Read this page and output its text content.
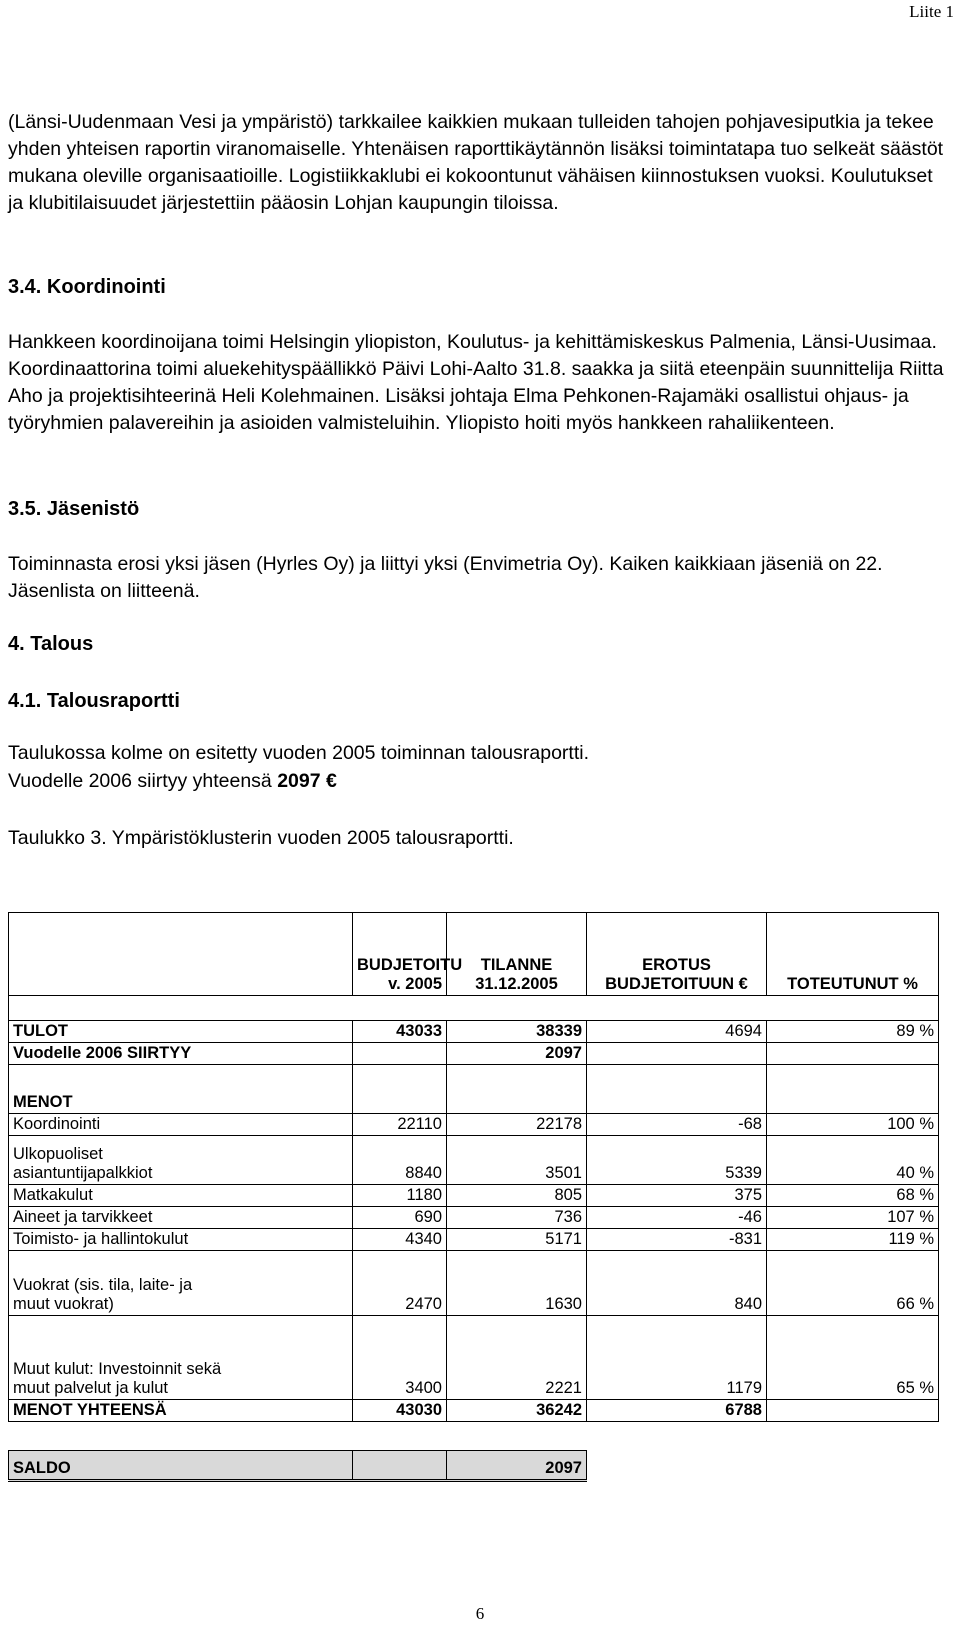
Liite 1

(Länsi-Uudenmaan Vesi ja ympäristö) tarkkailee kaikkien mukaan tulleiden tahojen pohjavesiputkia ja tekee yhden yhteisen raportin viranomaiselle. Yhtenäisen raporttikäytännön lisäksi toimintatapa tuo selkeät säästöt mukana oleville organisaatioille. Logistiikkaklubi ei kokoontunut vähäisen kiinnostuksen vuoksi. Koulutukset ja klubitilaisuudet järjestettiin pääosin Lohjan kaupungin tiloissa.

3.4. Koordinointi

Hankkeen koordinoijana toimi Helsingin yliopiston, Koulutus- ja kehittämiskeskus Palmenia, Länsi-Uusimaa. Koordinaattorina toimi aluekehityspäällikkö Päivi Lohi-Aalto 31.8. saakka ja siitä eteenpäin suunnittelija Riitta Aho ja projektisihteerinä Heli Kolehmainen. Lisäksi johtaja Elma Pehkonen-Rajamäki osallistui ohjaus- ja työryhmien palavereihin ja asioiden valmisteluihin. Yliopisto hoiti myös hankkeen rahaliikenteen.

3.5. Jäsenistö

Toiminnasta erosi yksi jäsen (Hyrles Oy) ja liittyi yksi (Envimetria Oy). Kaiken kaikkiaan jäseniä on 22. Jäsenlista on liitteenä.

4. Talous
4.1. Talousraportti
Taulukossa kolme on esitetty vuoden 2005 toiminnan talousraportti.
Vuodelle 2006 siirtyy yhteensä 2097 €
Taulukko 3. Ympäristöklusterin vuoden 2005 talousraportti.
	BUDJETOITU v. 2005	TILANNE 31.12.2005	EROTUS BUDJETOITUUN €	TOTEUTUNUT %

TULOT	43033	38339	4694	89 %
Vuodelle 2006 SIIRTYY		2097		
MENOT				
Koordinointi	22110	22178	-68	100 %
Ulkopuoliset
asiantuntijapalkkiot	8840	3501	5339	40 %
Matkakulut	1180	805	375	68 %
Aineet ja tarvikkeet	690	736	-46	107 %
Toimisto- ja hallintokulut	4340	5171	-831	119 %
Vuokrat (sis. tila, laite- ja
muut vuokrat)	2470	1630	840	66 %
Muut kulut: Investoinnit sekä
muut palvelut ja kulut	3400	2221	1179	65 %
MENOT YHTEENSÄ	43030	36242	6788	

SALDO		2097		
6
